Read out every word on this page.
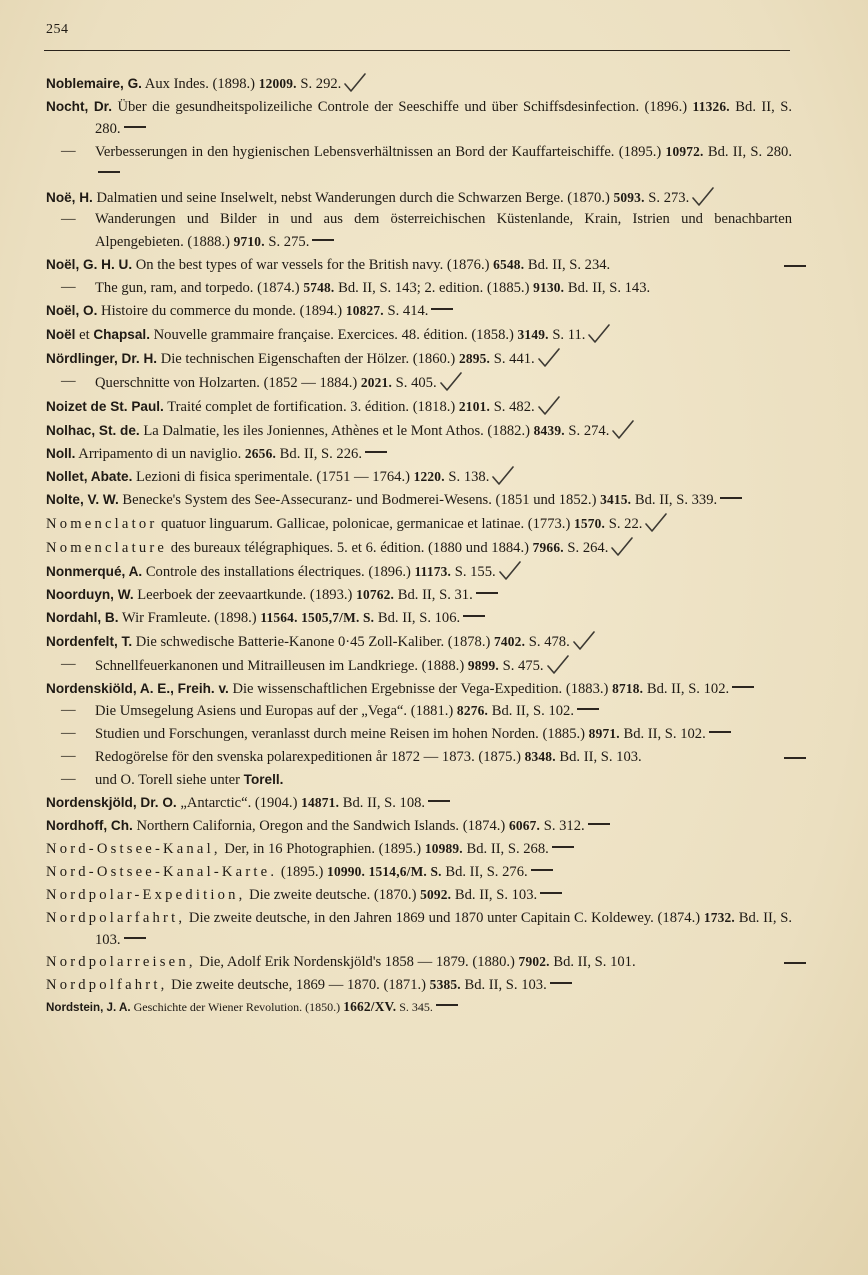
254
Noblemaire, G. Aux Indes. (1898.) 12009. S. 292.
Nocht, Dr. Über die gesundheitspolizeiliche Controle der Seeschiffe und über Schiffsdesinfection. (1896.) 11326. Bd. II, S. 280.
— Verbesserungen in den hygienischen Lebensverhältnissen an Bord der Kauffarteischiffe. (1895.) 10972. Bd. II, S. 280.
Noë, H. Dalmatien und seine Inselwelt, nebst Wanderungen durch die Schwarzen Berge. (1870.) 5093. S. 273.
— Wanderungen und Bilder in und aus dem österreichischen Küstenlande, Krain, Istrien und benachbarten Alpengebieten. (1888.) 9710. S. 275.
Noël, G. H. U. On the best types of war vessels for the British navy. (1876.) 6548. Bd. II, S. 234.
— The gun, ram, and torpedo. (1874.) 5748. Bd. II, S. 143; 2. edition. (1885.) 9130. Bd. II, S. 143.
Noël, O. Histoire du commerce du monde. (1894.) 10827. S. 414.
Noël et Chapsal. Nouvelle grammaire française. Exercices. 48. édition. (1858.) 3149. S. 11.
Nördlinger, Dr. H. Die technischen Eigenschaften der Hölzer. (1860.) 2895. S. 441.
— Querschnitte von Holzarten. (1852 — 1884.) 2021. S. 405.
Noizet de St. Paul. Traité complet de fortification. 3. édition. (1818.) 2101. S. 482.
Nolhac, St. de. La Dalmatie, les iles Joniennes, Athènes et le Mont Athos. (1882.) 8439. S. 274.
Noll. Arripamento di un naviglio. 2656. Bd. II, S. 226.
Nollet, Abate. Lezioni di fisica sperimentale. (1751 — 1764.) 1220. S. 138.
Nolte, V. W. Benecke's System des See-Assecuranz- und Bodmerei-Wesens. (1851 und 1852.) 3415. Bd. II, S. 339.
Nomenclator quatuor linguarum. Gallicae, polonicae, germanicae et latinae. (1773.) 1570. S. 22.
Nomenclature des bureaux télégraphiques. 5. et 6. édition. (1880 und 1884.) 7966. S. 264.
Nonmerqué, A. Controle des installations électriques. (1896.) 11173. S. 155.
Noorduyn, W. Leerboek der zeevaartkunde. (1893.) 10762. Bd. II, S. 31.
Nordahl, B. Wir Framleute. (1898.) 11564. 1505,7/M. S. Bd. II, S. 106.
Nordenfelt, T. Die schwedische Batterie-Kanone 0·45 Zoll-Kaliber. (1878.) 7402. S. 478.
— Schnellfeuerkanonen und Mitrailleusen im Landkriege. (1888.) 9899. S. 475.
Nordenskiöld, A. E., Freih. v. Die wissenschaftlichen Ergebnisse der Vega-Expedition. (1883.) 8718. Bd. II, S. 102.
— Die Umsegelung Asiens und Europas auf der „Vega“. (1881.) 8276. Bd. II, S. 102.
— Studien und Forschungen, veranlasst durch meine Reisen im hohen Norden. (1885.) 8971. Bd. II, S. 102.
— Redogörelse för den svenska polarexpeditionen år 1872 — 1873. (1875.) 8348. Bd. II, S. 103.
— und O. Torell siehe unter Torell.
Nordenskjöld, Dr. O. „Antarctic“. (1904.) 14871. Bd. II, S. 108.
Nordhoff, Ch. Northern California, Oregon and the Sandwich Islands. (1874.) 6067. S. 312.
Nord-Ostsee-Kanal, Der, in 16 Photographien. (1895.) 10989. Bd. II, S. 268.
Nord-Ostsee-Kanal-Karte. (1895.) 10990. 1514,6/M. S. Bd. II, S. 276.
Nordpolar-Expedition, Die zweite deutsche. (1870.) 5092. Bd. II, S. 103.
Nordpolarfahrt, Die zweite deutsche, in den Jahren 1869 und 1870 unter Capitain C. Koldewey. (1874.) 1732. Bd. II, S. 103.
Nordpolarreisen, Die, Adolf Erik Nordenskjöld's 1858 — 1879. (1880.) 7902. Bd. II, S. 101.
Nordpolfahrt, Die zweite deutsche, 1869 — 1870. (1871.) 5385. Bd. II, S. 103.
Nordstein, J. A. Geschichte der Wiener Revolution. (1850.) 1662/XV. S. 345.
